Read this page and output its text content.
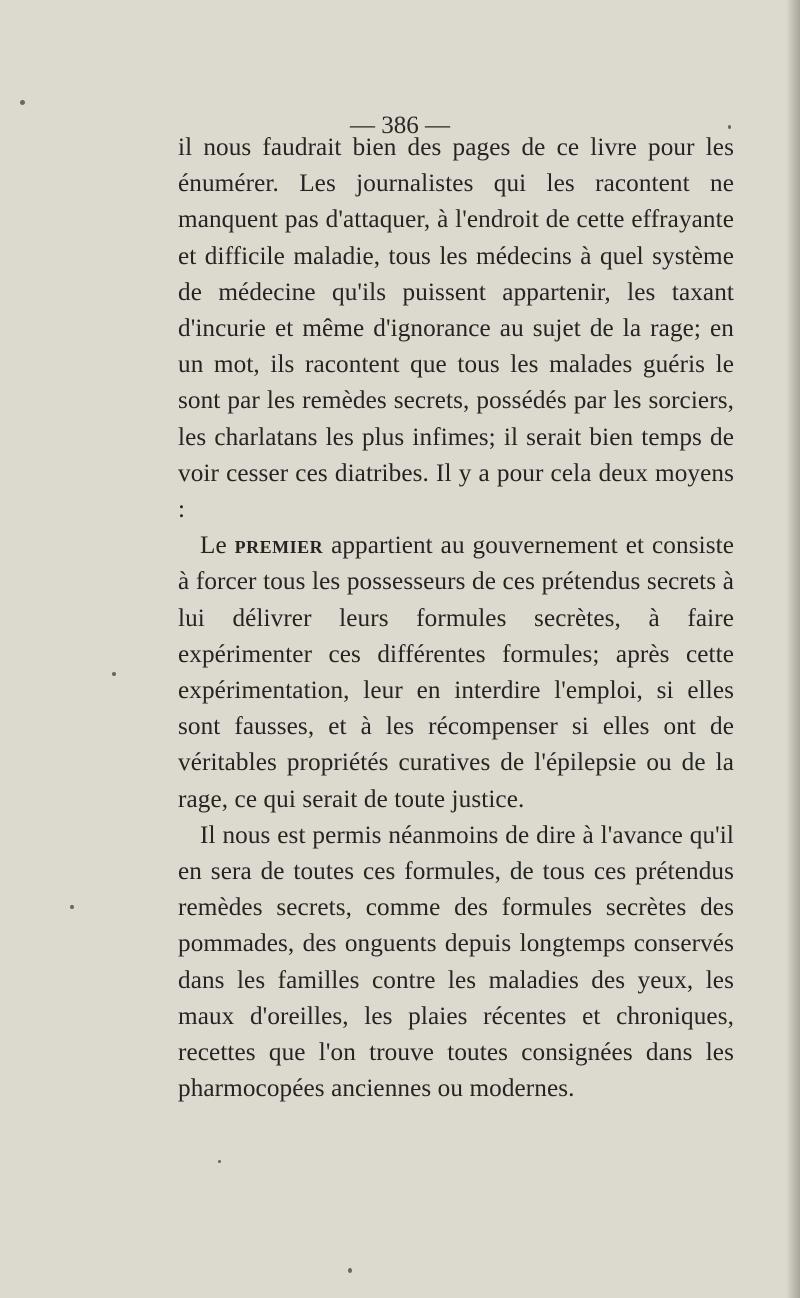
— 386 —

il nous faudrait bien des pages de ce livre pour les énumérer. Les journalistes qui les racontent ne manquent pas d'attaquer, à l'endroit de cette effrayante et difficile maladie, tous les médecins à quel système de médecine qu'ils puissent appartenir, les taxant d'incurie et même d'ignorance au sujet de la rage; en un mot, ils racontent que tous les malades guéris le sont par les remèdes secrets, possédés par les sorciers, les charlatans les plus infimes; il serait bien temps de voir cesser ces diatribes. Il y a pour cela deux moyens :

Le premier appartient au gouvernement et consiste à forcer tous les possesseurs de ces prétendus secrets à lui délivrer leurs formules secrètes, à faire expérimenter ces différentes formules; après cette expérimentation, leur en interdire l'emploi, si elles sont fausses, et à les récompenser si elles ont de véritables propriétés curatives de l'épilepsie ou de la rage, ce qui serait de toute justice.

Il nous est permis néanmoins de dire à l'avance qu'il en sera de toutes ces formules, de tous ces prétendus remèdes secrets, comme des formules secrètes des pommades, des onguents depuis longtemps conservés dans les familles contre les maladies des yeux, les maux d'oreilles, les plaies récentes et chroniques, recettes que l'on trouve toutes consignées dans les pharmocopées anciennes ou modernes.
